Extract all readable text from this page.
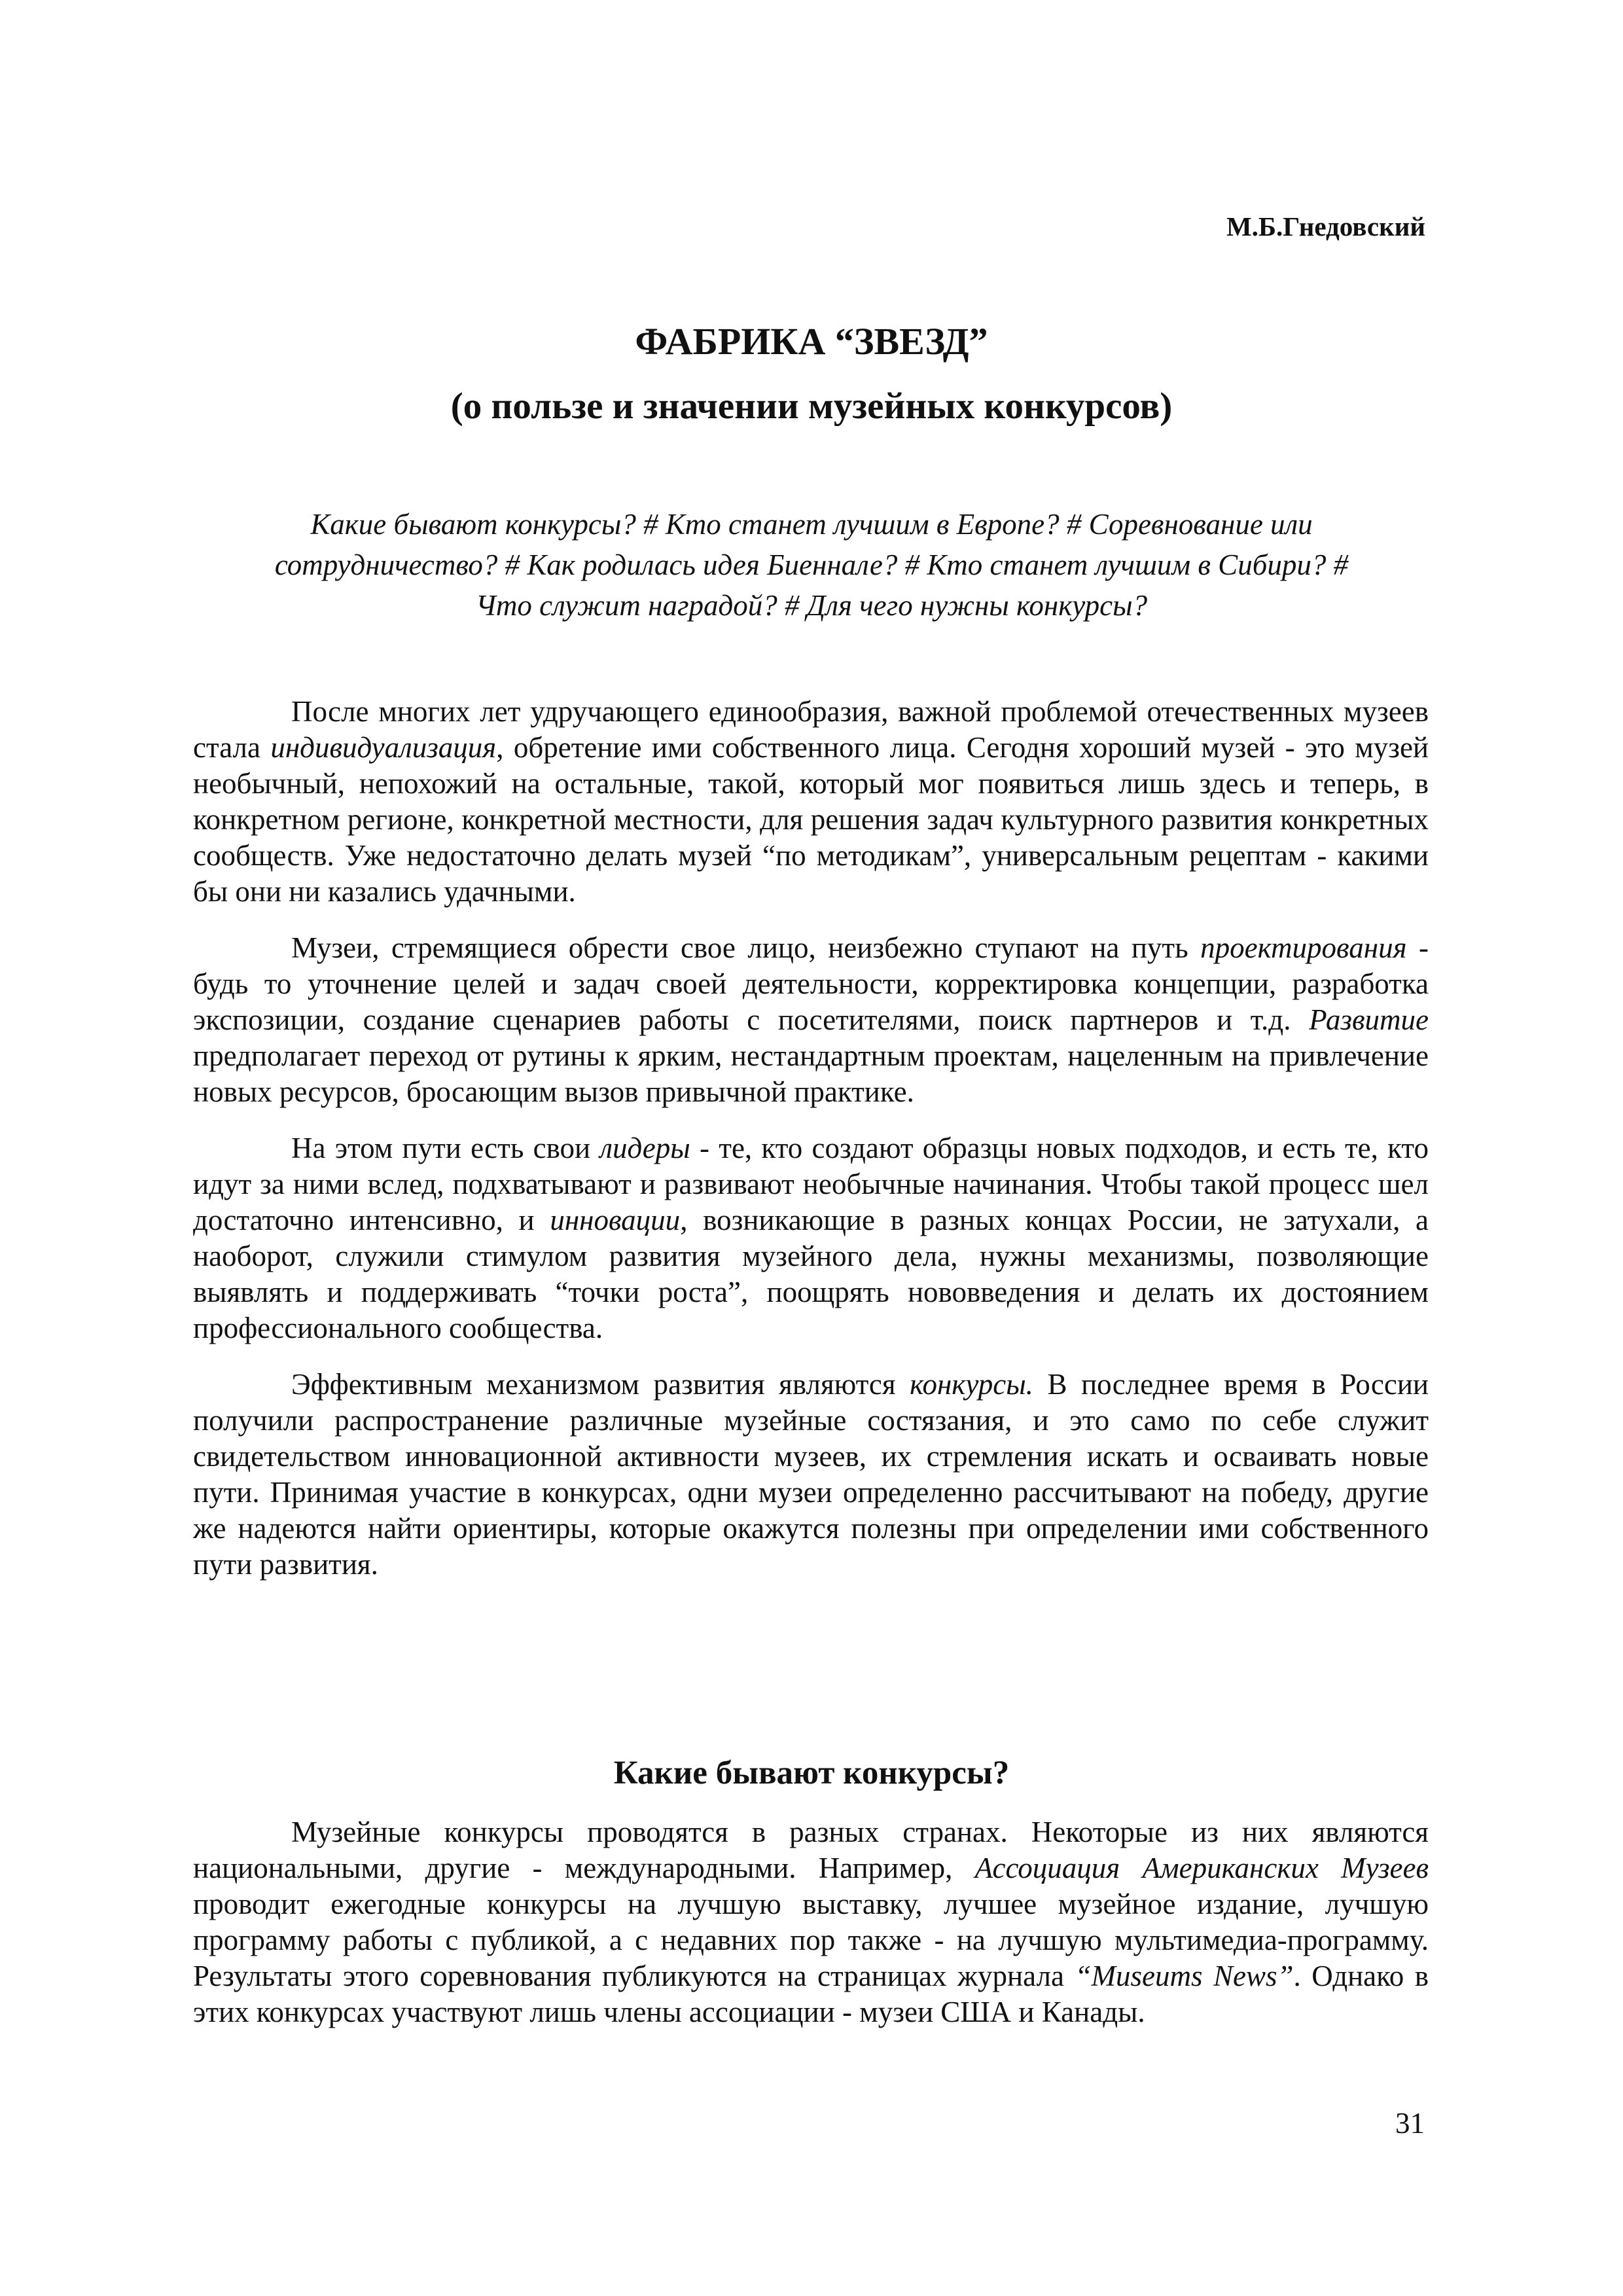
М.Б.Гнедовский
ФАБРИКА “ЗВЕЗД”
(о пользе и значении музейных конкурсов)
Какие бывают конкурсы? # Кто станет лучшим в Европе? # Соревнование или
сотрудничество? # Как родилась идея Биеннале? # Кто станет лучшим в Сибири? #
Что служит наградой? # Для чего нужны конкурсы?

После многих лет удручающего единообразия, важной проблемой отечественных музеев стала индивидуализация, обретение ими собственного лица. Сегодня хороший музей - это музей необычный, непохожий на остальные, такой, который мог появиться лишь здесь и теперь, в конкретном регионе, конкретной местности, для решения задач культурного развития конкретных сообществ. Уже недостаточно делать музей “по методикам”, универсальным рецептам - какими бы они ни казались удачными.

Музеи, стремящиеся обрести свое лицо, неизбежно ступают на путь проектирования - будь то уточнение целей и задач своей деятельности, корректировка концепции, разработка экспозиции, создание сценариев работы с посетителями, поиск партнеров и т.д. Развитие предполагает переход от рутины к ярким, нестандартным проектам, нацеленным на привлечение новых ресурсов, бросающим вызов привычной практике.

На этом пути есть свои лидеры - те, кто создают образцы новых подходов, и есть те, кто идут за ними вслед, подхватывают и развивают необычные начинания. Чтобы такой процесс шел достаточно интенсивно, и инновации, возникающие в разных концах России, не затухали, а наоборот, служили стимулом развития музейного дела, нужны механизмы, позволяющие выявлять и поддерживать “точки роста”, поощрять нововведения и делать их достоянием профессионального сообщества.

Эффективным механизмом развития являются конкурсы. В последнее время в России получили распространение различные музейные состязания, и это само по себе служит свидетельством инновационной активности музеев, их стремления искать и осваивать новые пути. Принимая участие в конкурсах, одни музеи определенно рассчитывают на победу, другие же надеются найти ориентиры, которые окажутся полезны при определении ими собственного пути развития.

Какие бывают конкурсы?

Музейные конкурсы проводятся в разных странах. Некоторые из них являются национальными, другие - международными. Например, Ассоциация Американских Музеев проводит ежегодные конкурсы на лучшую выставку, лучшее музейное издание, лучшую программу работы с публикой, а с недавних пор также - на лучшую мультимедиа-программу. Результаты этого соревнования публикуются на страницах журнала “Museums News”. Однако в этих конкурсах участвуют лишь члены ассоциации - музеи США и Канады.

31
